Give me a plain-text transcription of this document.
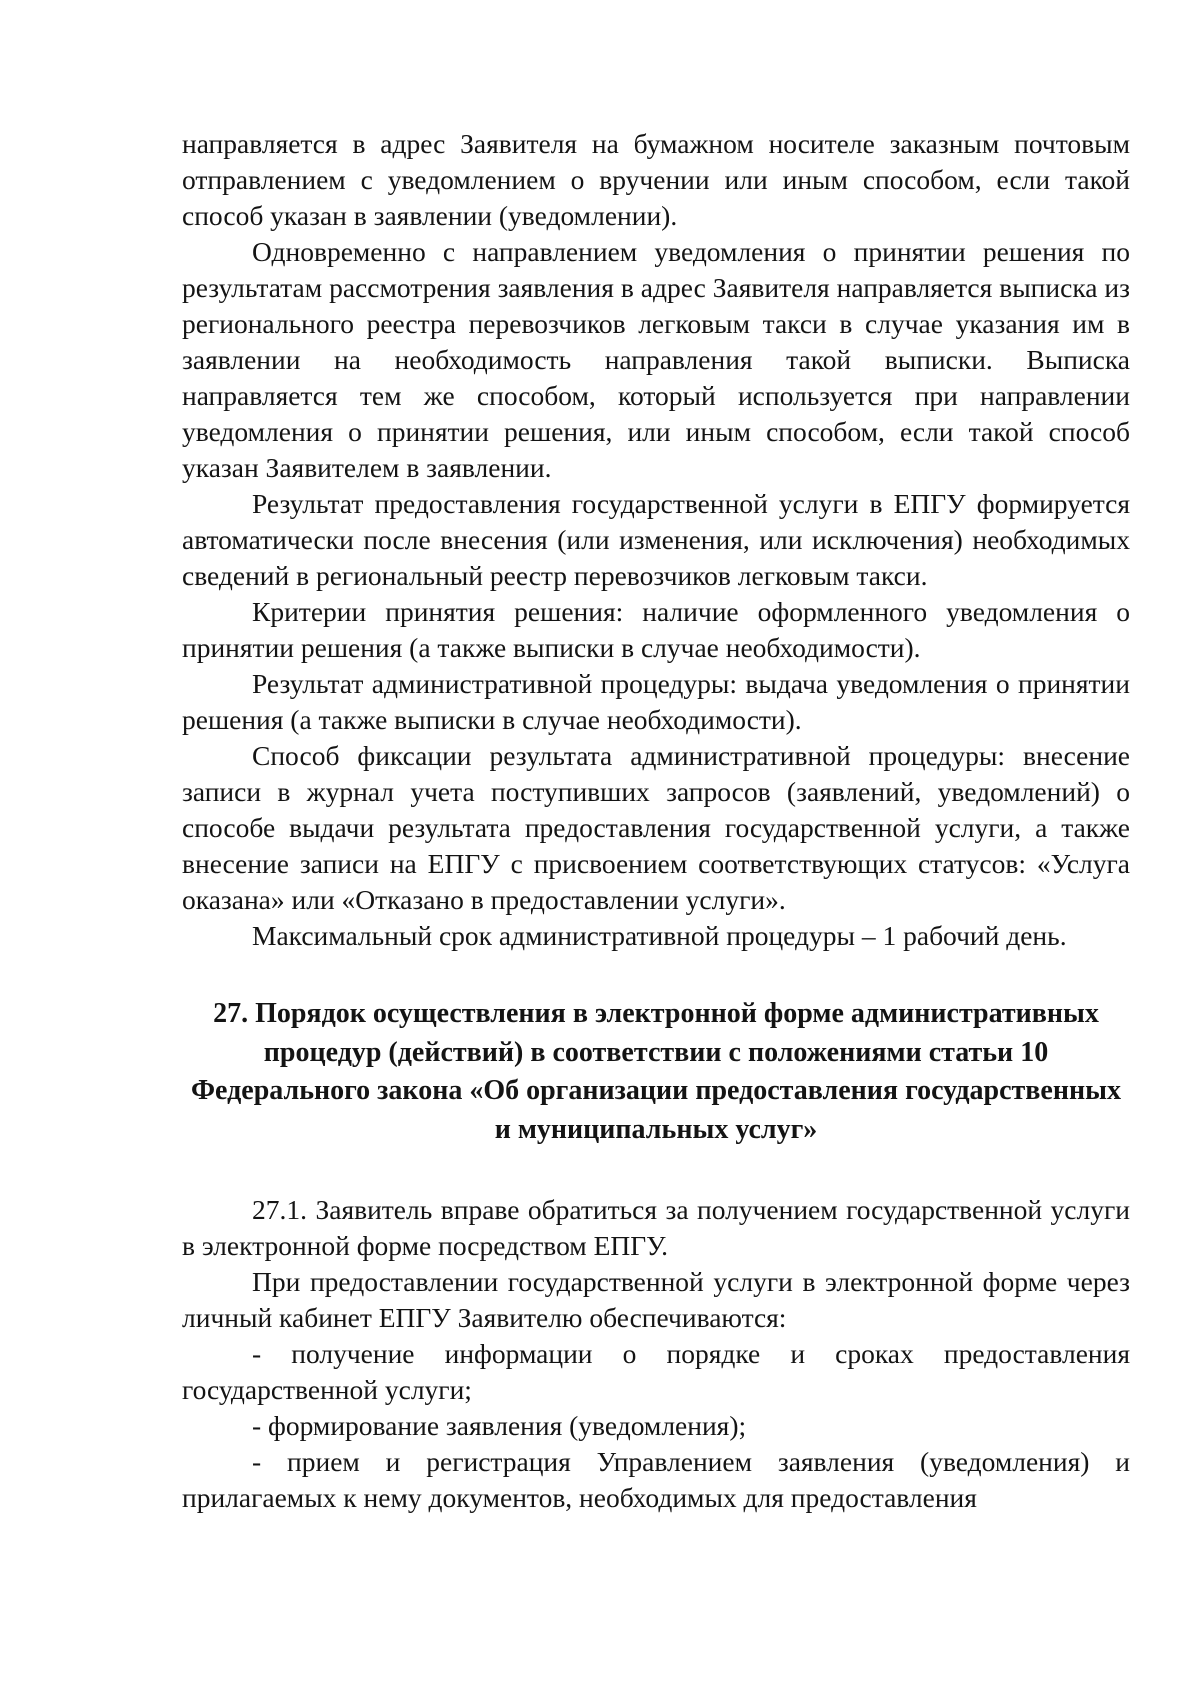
направляется в адрес Заявителя на бумажном носителе заказным почтовым отправлением с уведомлением о вручении или иным способом, если такой способ указан в заявлении (уведомлении).

Одновременно с направлением уведомления о принятии решения по результатам рассмотрения заявления в адрес Заявителя направляется выписка из регионального реестра перевозчиков легковым такси в случае указания им в заявлении на необходимость направления такой выписки. Выписка направляется тем же способом, который используется при направлении уведомления о принятии решения, или иным способом, если такой способ указан Заявителем в заявлении.

Результат предоставления государственной услуги в ЕПГУ формируется автоматически после внесения (или изменения, или исключения) необходимых сведений в региональный реестр перевозчиков легковым такси.

Критерии принятия решения: наличие оформленного уведомления о принятии решения (а также выписки в случае необходимости).

Результат административной процедуры: выдача уведомления о принятии решения (а также выписки в случае необходимости).

Способ фиксации результата административной процедуры: внесение записи в журнал учета поступивших запросов (заявлений, уведомлений) о способе выдачи результата предоставления государственной услуги, а также внесение записи на ЕПГУ с присвоением соответствующих статусов: «Услуга оказана» или «Отказано в предоставлении услуги».

Максимальный срок административной процедуры – 1 рабочий день.

27. Порядок осуществления в электронной форме административных
процедур (действий) в соответствии с положениями статьи 10
Федерального закона «Об организации предоставления государственных
и муниципальных услуг»

27.1. Заявитель вправе обратиться за получением государственной услуги в электронной форме посредством ЕПГУ.

При предоставлении государственной услуги в электронной форме через личный кабинет ЕПГУ Заявителю обеспечиваются:

- получение информации о порядке и сроках предоставления государственной услуги;

- формирование заявления (уведомления);

- прием и регистрация Управлением заявления (уведомления) и прилагаемых к нему документов, необходимых для предоставления
